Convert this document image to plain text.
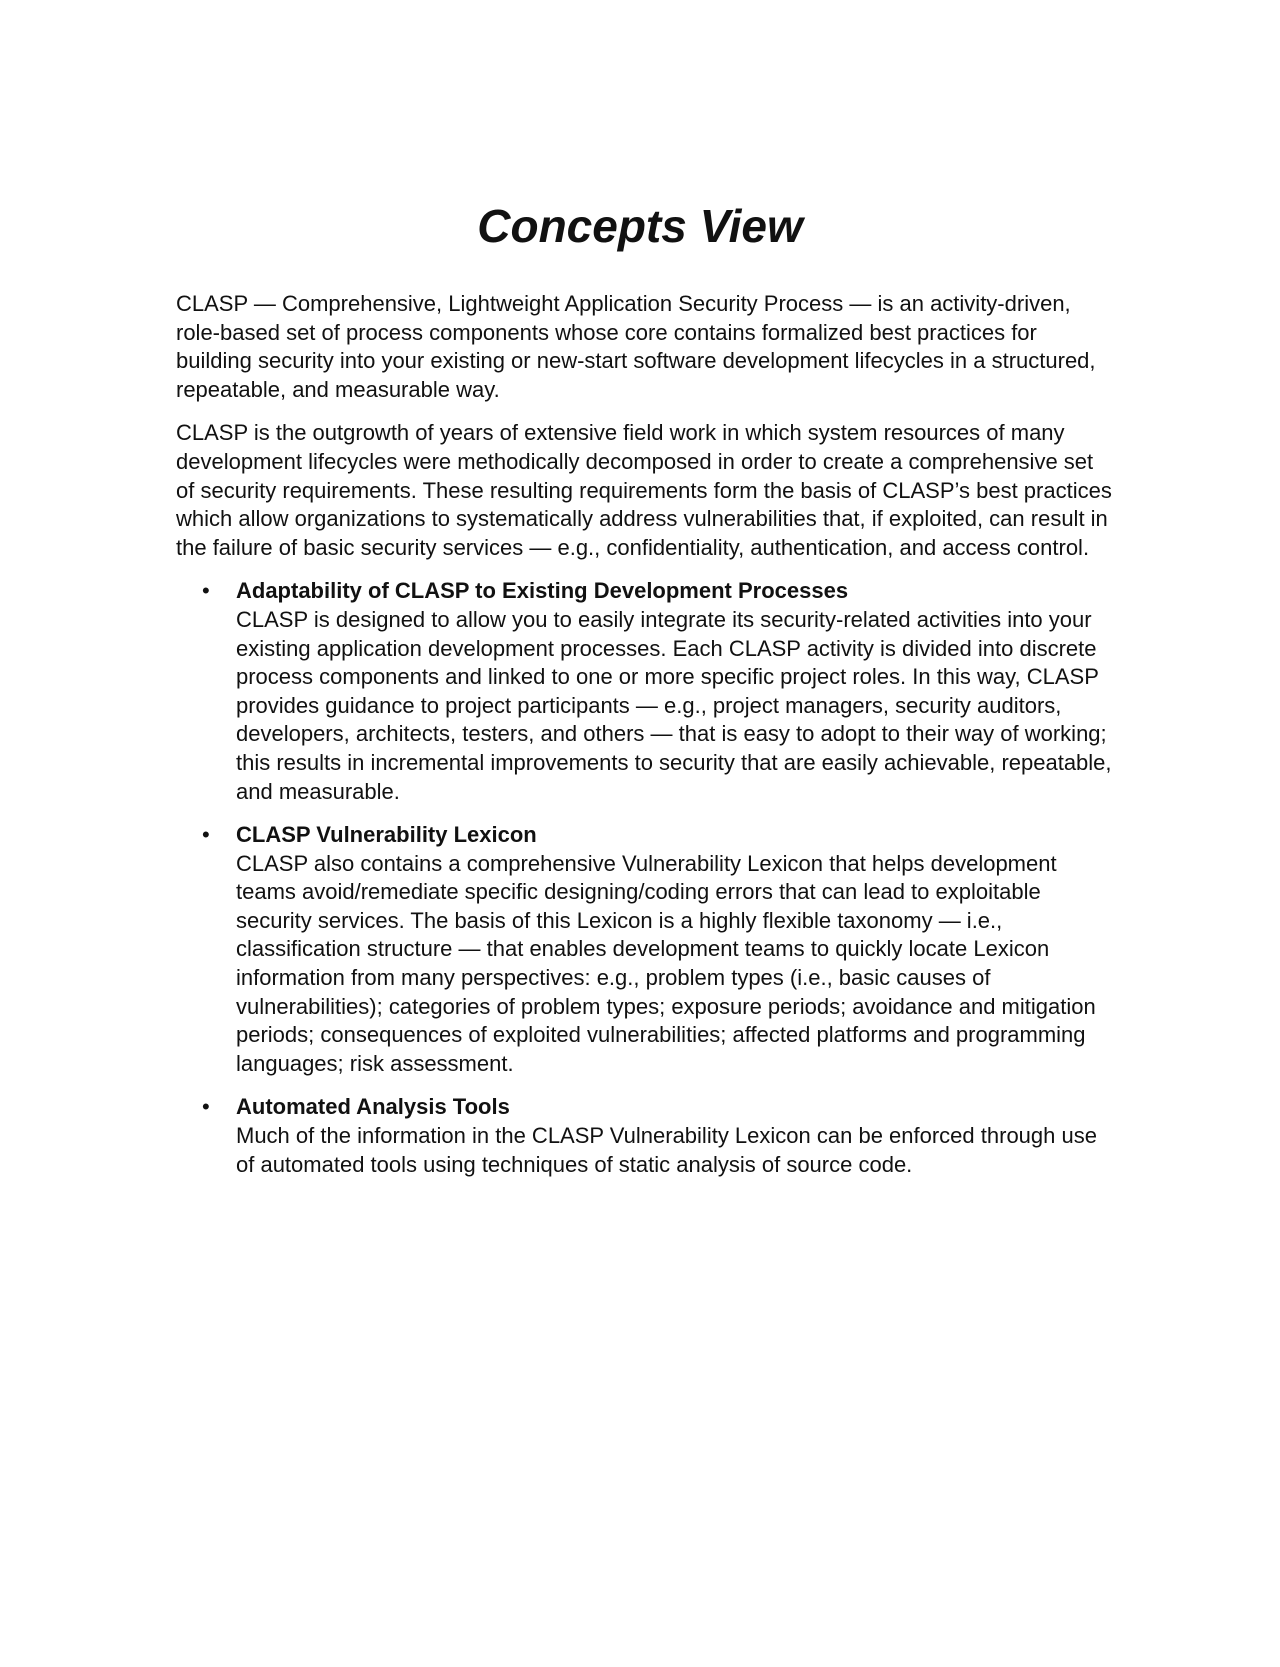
Concepts View

CLASP — Comprehensive, Lightweight Application Security Process — is an activity-driven, role-based set of process components whose core contains formalized best practices for building security into your existing or new-start software development lifecycles in a structured, repeatable, and measurable way.

CLASP is the outgrowth of years of extensive field work in which system resources of many development lifecycles were methodically decomposed in order to create a comprehensive set of security requirements. These resulting requirements form the basis of CLASP’s best practices which allow organizations to systematically address vulnerabilities that, if exploited, can result in the failure of basic security services — e.g., confidentiality, authentication, and access control.

• Adaptability of CLASP to Existing Development Processes
CLASP is designed to allow you to easily integrate its security-related activities into your existing application development processes. Each CLASP activity is divided into discrete process components and linked to one or more specific project roles. In this way, CLASP provides guidance to project participants — e.g., project managers, security auditors, developers, architects, testers, and others — that is easy to adopt to their way of working; this results in incremental improvements to security that are easily achievable, repeatable, and measurable.
• CLASP Vulnerability Lexicon
CLASP also contains a comprehensive Vulnerability Lexicon that helps development teams avoid/remediate specific designing/coding errors that can lead to exploitable security services. The basis of this Lexicon is a highly flexible taxonomy — i.e., classification structure — that enables development teams to quickly locate Lexicon information from many perspectives: e.g., problem types (i.e., basic causes of vulnerabilities); categories of problem types; exposure periods; avoidance and mitigation periods; consequences of exploited vulnerabilities; affected platforms and programming languages; risk assessment.
• Automated Analysis Tools
Much of the information in the CLASP Vulnerability Lexicon can be enforced through use of automated tools using techniques of static analysis of source code.
